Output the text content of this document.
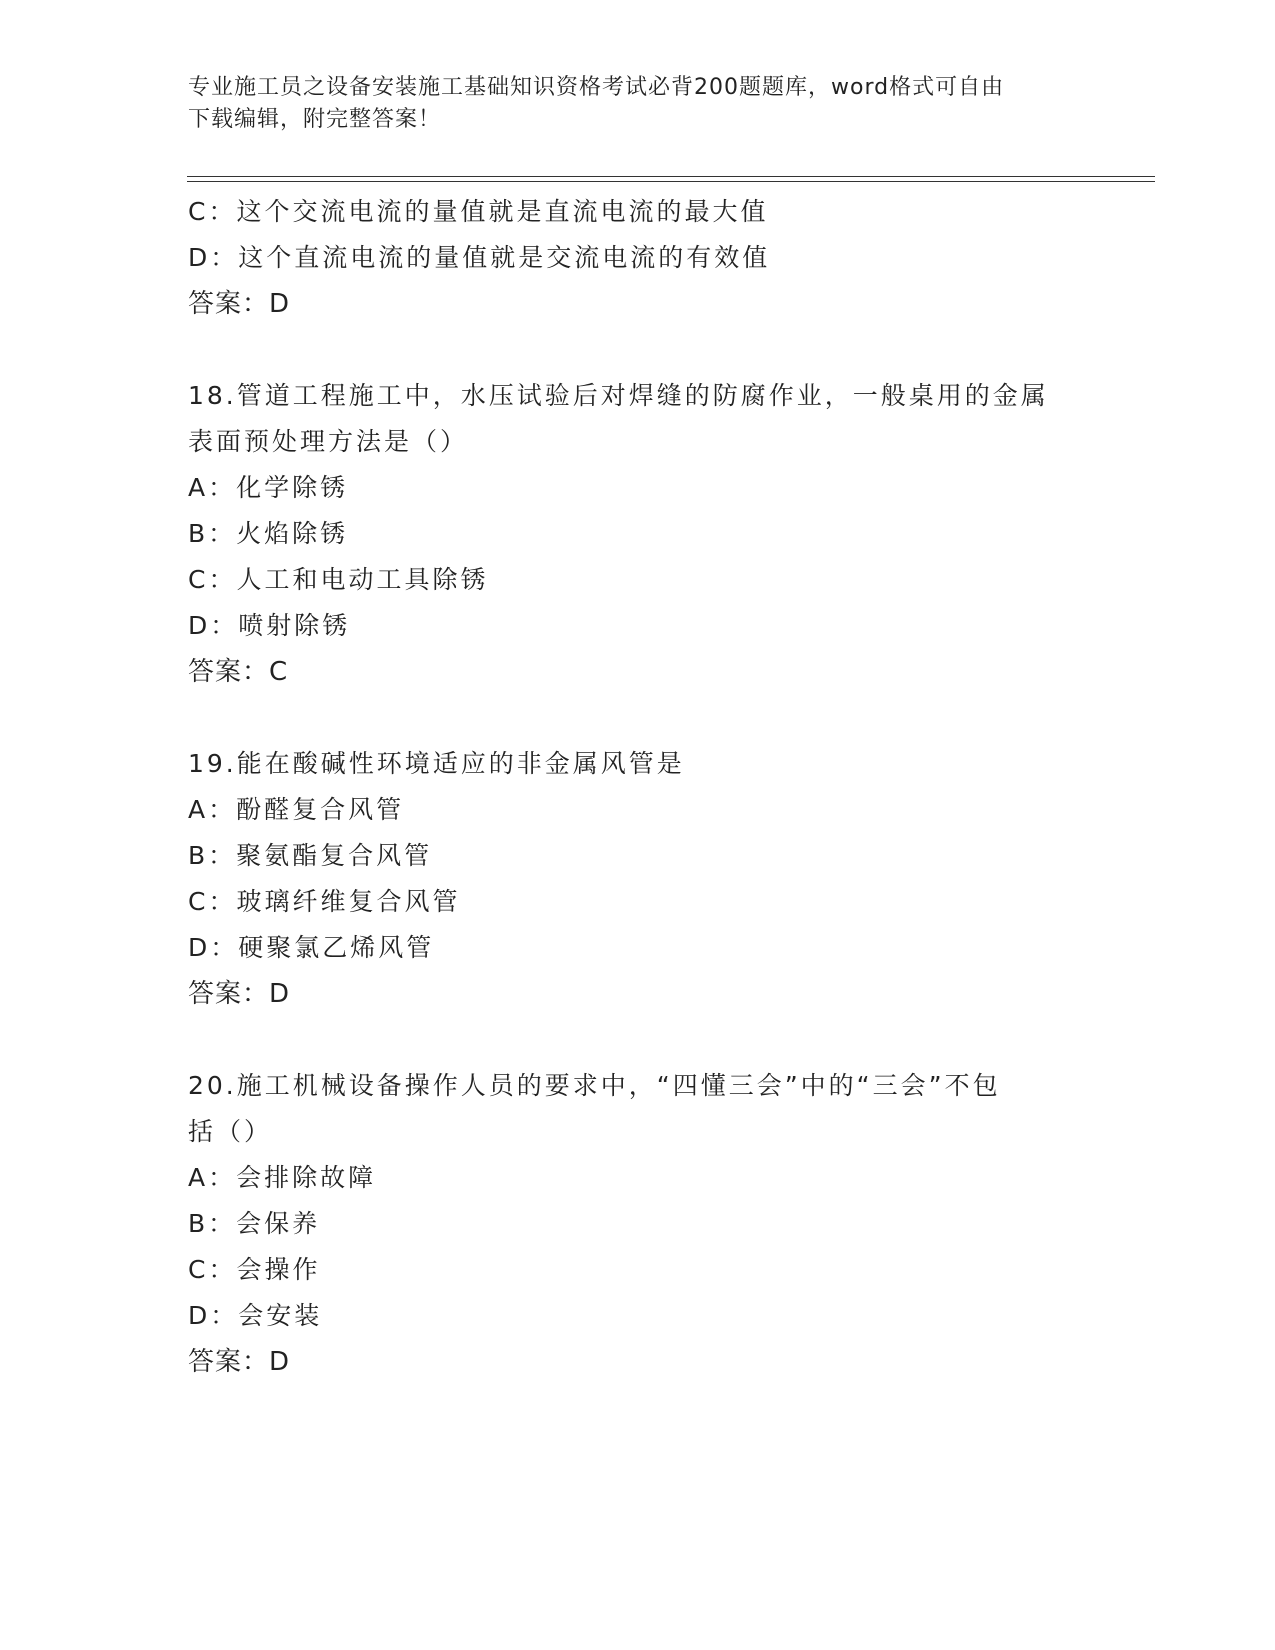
专业施工员之设备安装施工基础知识资格考试必背200题题库，word格式可自由
下载编辑，附完整答案！
C：这个交流电流的量值就是直流电流的最大值
D：这个直流电流的量值就是交流电流的有效值
答案：D
18.管道工程施工中，水压试验后对焊缝的防腐作业，一般桌用的金属
表面预处理方法是（）
A：化学除锈
B：火焰除锈
C：人工和电动工具除锈
D：喷射除锈
答案：C
19.能在酸碱性环境适应的非金属风管是
A：酚醛复合风管
B：聚氨酯复合风管
C：玻璃纤维复合风管
D：硬聚氯乙烯风管
答案：D
20.施工机械设备操作人员的要求中，“四懂三会”中的“三会”不包
括（）
A：会排除故障
B：会保养
C：会操作
D：会安装
答案：D
